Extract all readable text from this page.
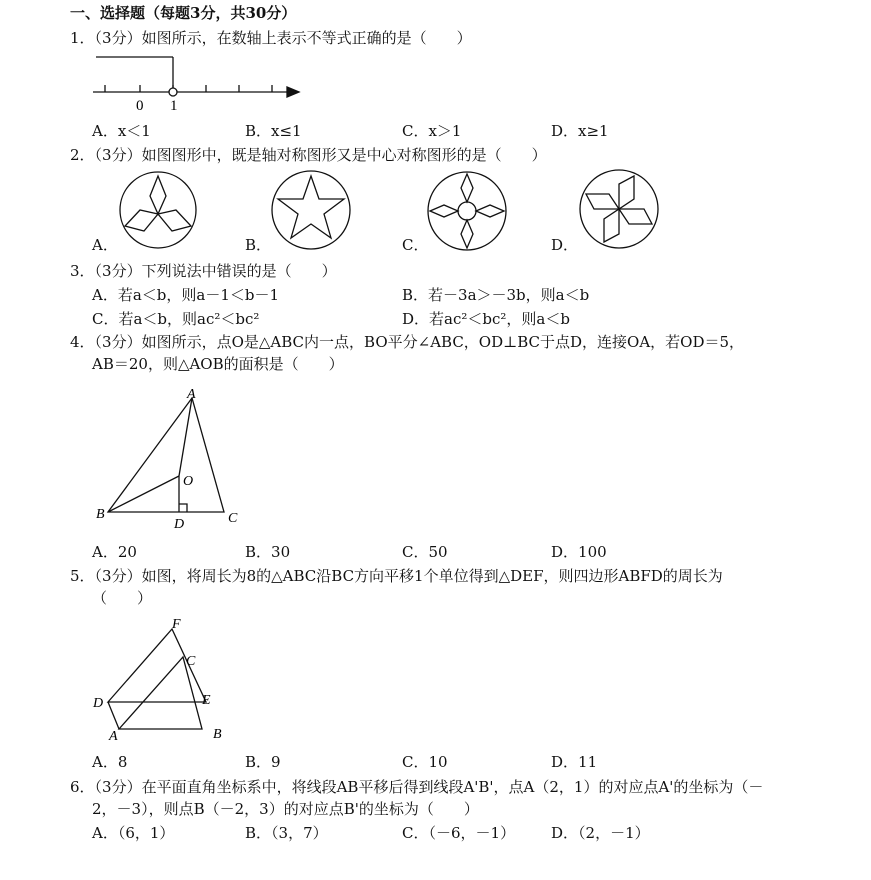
一、选择题（每题3分，共30分）
1．（3分）如图所示，在数轴上表示不等式正确的是（　　）
0 1
A．x＜1	B．x≤1	C．x＞1	D．x≥1
2．（3分）如图图形中，既是轴对称图形又是中心对称图形的是（　　）
A．	B．	C．	D．
3．（3分）下列说法中错误的是（　　）
A．若a＜b，则a－1＜b－1	B．若－3a＞－3b，则a＜b
C．若a＜b，则ac²＜bc²	D．若ac²＜bc²，则a＜b
4．（3分）如图所示，点O是△ABC内一点，BO平分∠ABC，OD⊥BC于点D，连接OA，若OD＝5，
AB＝20，则△AOB的面积是（　　）
A
B	C
D
O
A．20	B．30	C．50	D．100
5．（3分）如图，将周长为8的△ABC沿BC方向平移1个单位得到△DEF，则四边形ABFD的周长为
（　　）
F
C
D	E
A	B
A．8	B．9	C．10	D．11
6．（3分）在平面直角坐标系中，将线段AB平移后得到线段A'B'，点A（2，1）的对应点A'的坐标为（－
2，－3），则点B（－2，3）的对应点B'的坐标为（　　）
A．（6，1）	B．（3，7）	C．（－6，－1） D．（2，－1）
